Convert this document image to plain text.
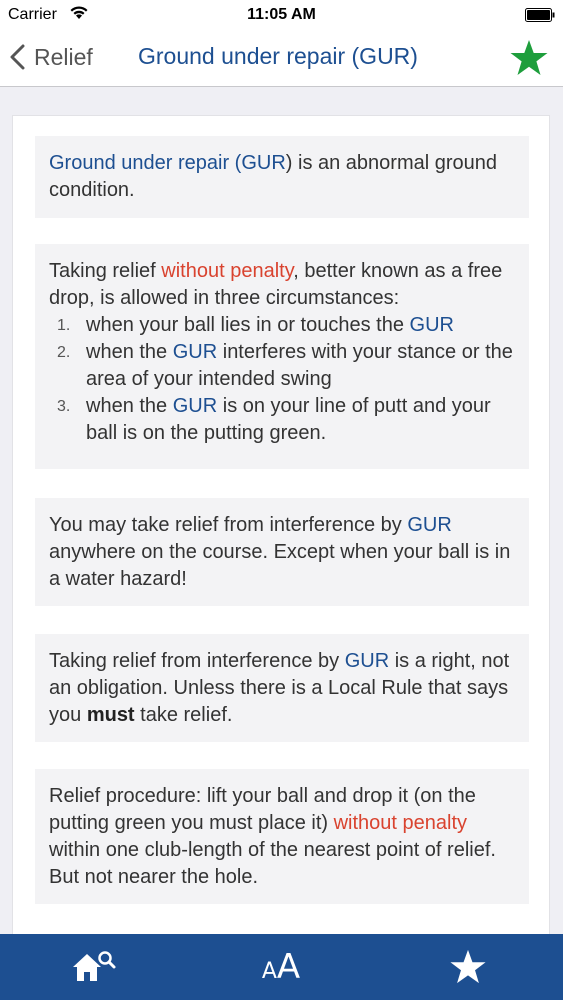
Carrier	11:05 AM
Relief Ground under repair (GUR)
Ground under repair (GUR) is an abnormal ground condition.
Taking relief without penalty, better known as a free drop, is allowed in three circumstances:
1. when your ball lies in or touches the GUR
2. when the GUR interferes with your stance or the area of your intended swing
3. when the GUR is on your line of putt and your ball is on the putting green.
You may take relief from interference by GUR anywhere on the course. Except when your ball is in a water hazard!
Taking relief from interference by GUR is a right, not an obligation. Unless there is a Local Rule that says you must take relief.
Relief procedure: lift your ball and drop it (on the putting green you must place it) without penalty within one club-length of the nearest point of relief. But not nearer the hole.
AA
